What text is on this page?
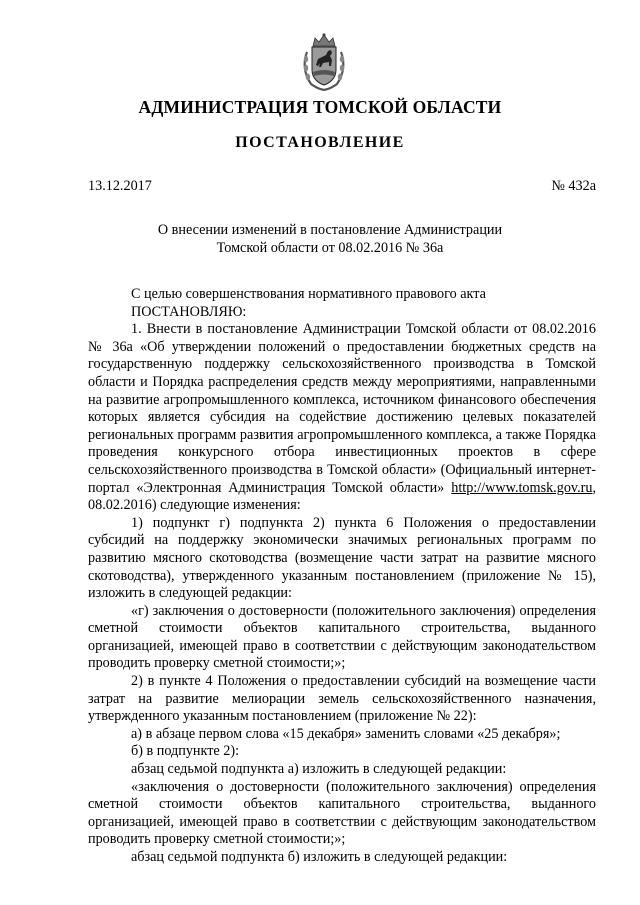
АДМИНИСТРАЦИЯ ТОМСКОЙ ОБЛАСТИ
ПОСТАНОВЛЕНИЕ
13.12.2017	№ 432а
О внесении изменений в постановление Администрации
Томской области от 08.02.2016 № 36а

С целью совершенствования нормативного правового акта

ПОСТАНОВЛЯЮ:

1. Внести в постановление Администрации Томской области от 08.02.2016 № 36а «Об утверждении положений о предоставлении бюджетных средств на государственную поддержку сельскохозяйственного производства в Томской области и Порядка распределения средств между мероприятиями, направленными на развитие агропромышленного комплекса, источником финансового обеспечения которых является субсидия на содействие достижению целевых показателей региональных программ развития агропромышленного комплекса, а также Порядка проведения конкурсного отбора инвестиционных проектов в сфере сельскохозяйственного производства в Томской области» (Официальный интернет-портал «Электронная Администрация Томской области» http://www.tomsk.gov.ru, 08.02.2016) следующие изменения:

1) подпункт г) подпункта 2) пункта 6 Положения о предоставлении субсидий на поддержку экономически значимых региональных программ по развитию мясного скотоводства (возмещение части затрат на развитие мясного скотоводства), утвержденного указанным постановлением (приложение № 15), изложить в следующей редакции:

«г) заключения о достоверности (положительного заключения) определения сметной стоимости объектов капитального строительства, выданного организацией, имеющей право в соответствии с действующим законодательством проводить проверку сметной стоимости;»;

2) в пункте 4 Положения о предоставлении субсидий на возмещение части затрат на развитие мелиорации земель сельскохозяйственного назначения, утвержденного указанным постановлением (приложение № 22):

а) в абзаце первом слова «15 декабря» заменить словами «25 декабря»;

б) в подпункте 2):

абзац седьмой подпункта а) изложить в следующей редакции:

«заключения о достоверности (положительного заключения) определения сметной стоимости объектов капитального строительства, выданного организацией, имеющей право в соответствии с действующим законодательством проводить проверку сметной стоимости;»;

абзац седьмой подпункта б) изложить в следующей редакции:
